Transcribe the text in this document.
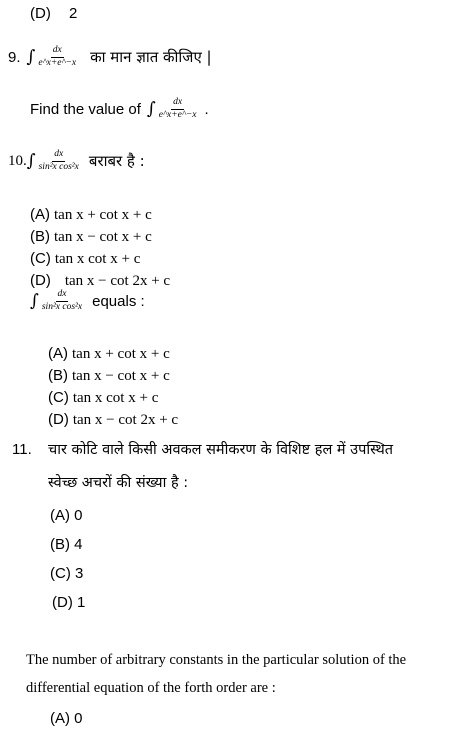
(D) 2
9. ∫ $\frac{dx}{e\^{}x+e\^{}-x}$ का मान ज्ञात कीजिए |
Find the value of ∫ $\frac{dx}{e\^{}x+e\^{}-x}$ .
10. ∫ $\frac{dx}{\text{sin²x cos²x}}$ बराबर है :
(A) tan x + cot x + c
(B) tan x − cot x + c
(C) tan x cot x + c
(D) tan x − cot 2x + c
∫ $\frac{dx}{\text{sin²x cos²x}}$ equals :
(A) tan x + cot x + c
(B) tan x − cot x + c
(C) tan x cot x + c
(D) tan x − cot 2x + c
11. चार कोटि वाले किसी अवकल समीकरण के विशिष्ट हल में उपस्थित
स्वेच्छ अचरों की संख्या है :
(A) 0
(B) 4
(C) 3
(D) 1
The number of arbitrary constants in the particular solution of the
differential equation of the forth order are :
(A) 0
